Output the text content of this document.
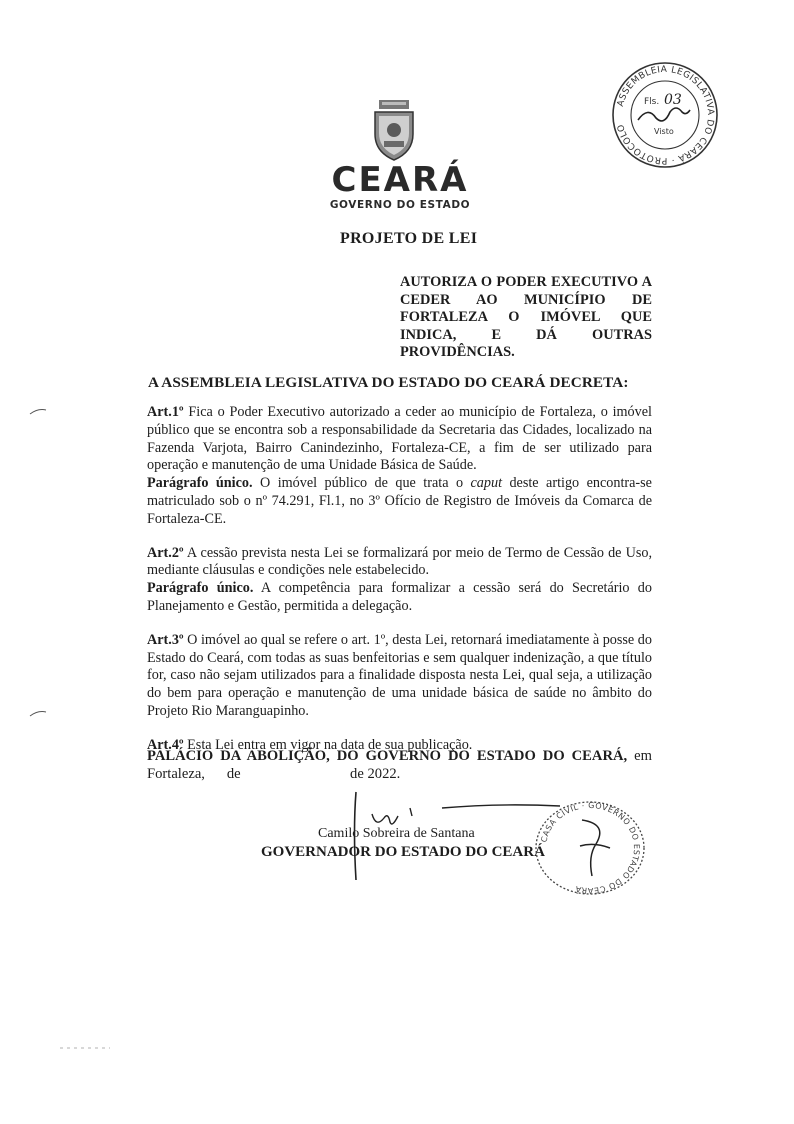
CEARÁ
GOVERNO DO ESTADO
ASSEMBLEIA LEGISLATIVA DO CEARÁ · PROTOCOLO
Fls. 03
Visto
PROJETO DE LEI
AUTORIZA O PODER EXECUTIVO A CEDER AO MUNICÍPIO DE FORTALEZA O IMÓVEL QUE INDICA, E DÁ OUTRAS PROVIDÊNCIAS.
A ASSEMBLEIA LEGISLATIVA DO ESTADO DO CEARÁ DECRETA:

Art.1º Fica o Poder Executivo autorizado a ceder ao município de Fortaleza, o imóvel público que se encontra sob a responsabilidade da Secretaria das Cidades, localizado na Fazenda Varjota, Bairro Canindezinho, Fortaleza-CE, a fim de ser utilizado para operação e manutenção de uma Unidade Básica de Saúde.

Parágrafo único. O imóvel público de que trata o caput deste artigo encontra-se matriculado sob o nº 74.291, Fl.1, no 3º Ofício de Registro de Imóveis da Comarca de Fortaleza-CE.

Art.2º A cessão prevista nesta Lei se formalizará por meio de Termo de Cessão de Uso, mediante cláusulas e condições nele estabelecido.

Parágrafo único. A competência para formalizar a cessão será do Secretário do Planejamento e Gestão, permitida a delegação.

Art.3º O imóvel ao qual se refere o art. 1º, desta Lei, retornará imediatamente à posse do Estado do Ceará, com todas as suas benfeitorias e sem qualquer indenização, a que título for, caso não sejam utilizados para a finalidade disposta nesta Lei, qual seja, a utilização do bem para operação e manutenção de uma unidade básica de saúde no âmbito do Projeto Rio Maranguapinho.

Art.4º Esta Lei entra em vigor na data de sua publicação.

PALÁCIO DA ABOLIÇÃO, DO GOVERNO DO ESTADO DO CEARÁ, em Fortaleza,      de                              de 2022.
Camilo Sobreira de Santana
GOVERNADOR DO ESTADO DO CEARÁ
CASA CIVIL · GOVERNO DO ESTADO DO CEARÁ
